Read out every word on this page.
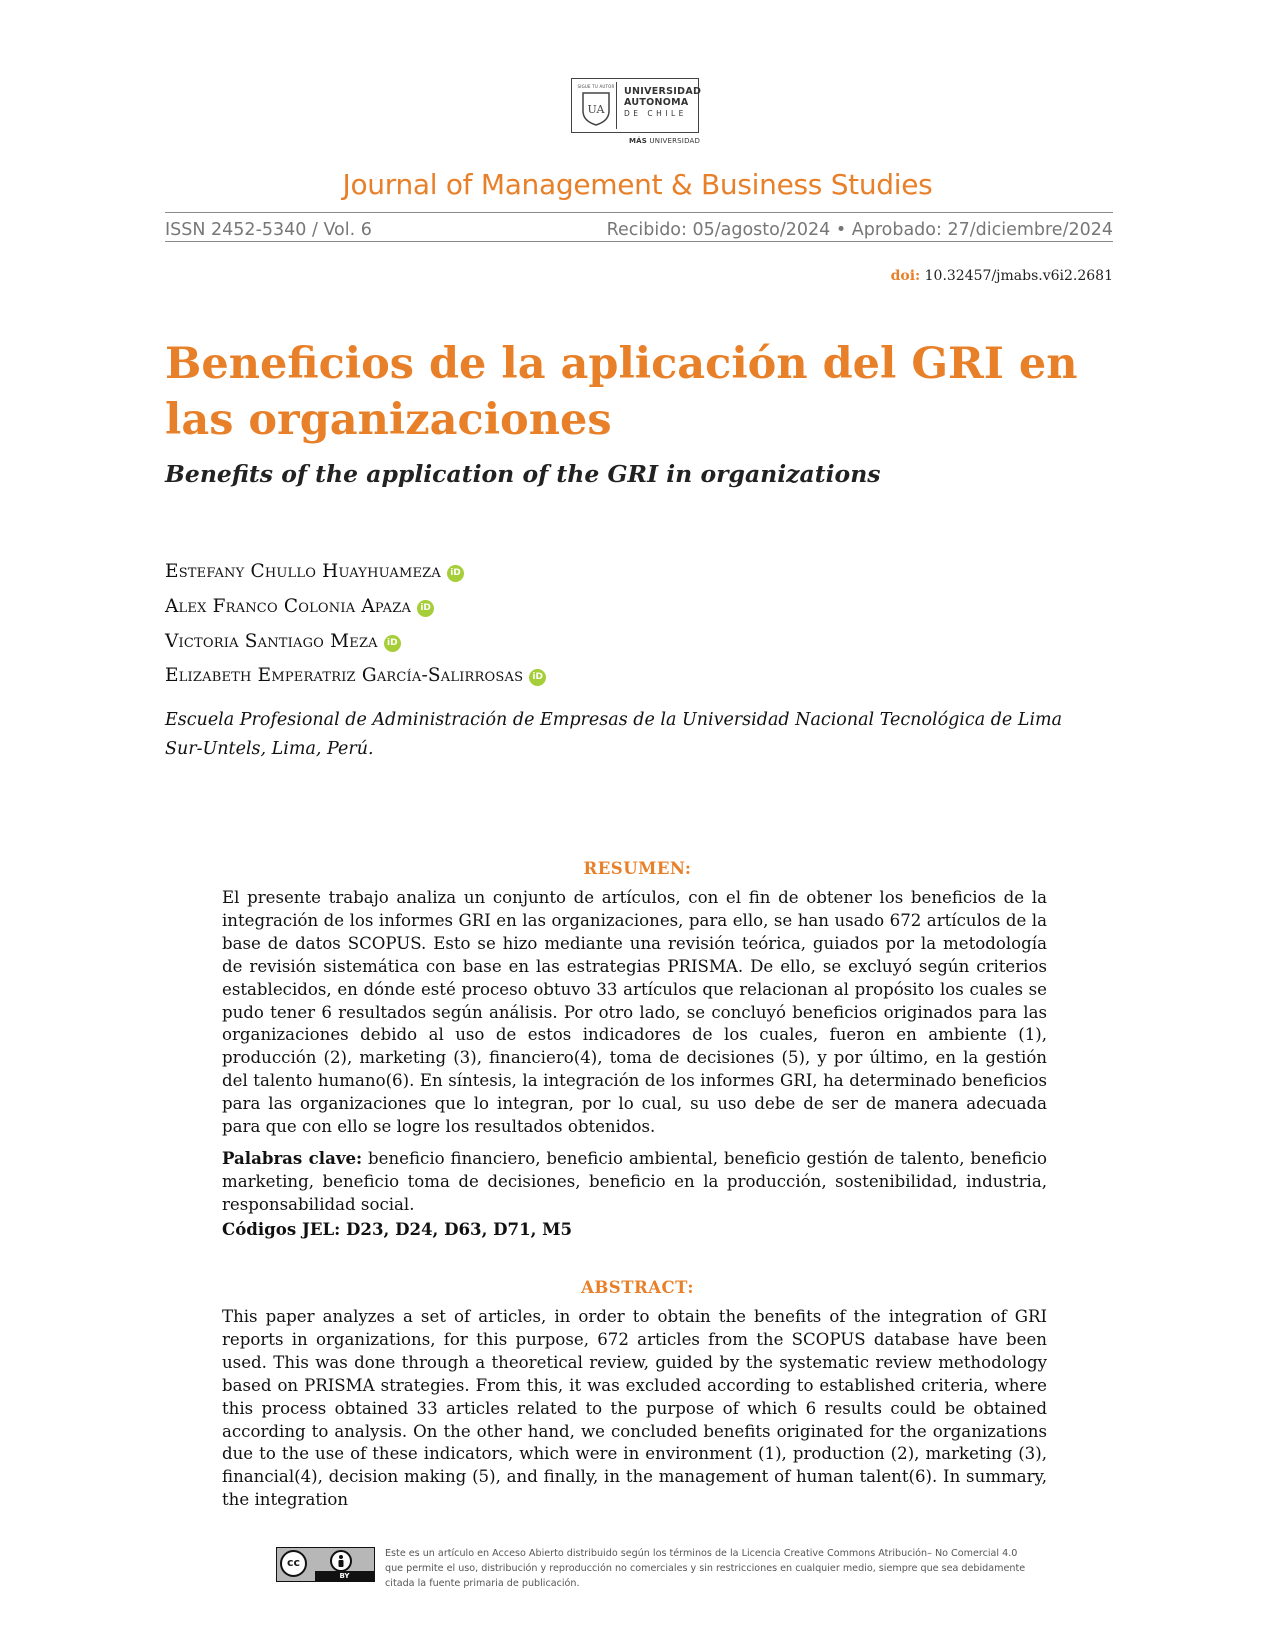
SIGUE TU AUTOR
UA
UNIVERSIDAD
AUTONOMA
DE CHILE
MÁS UNIVERSIDAD
Journal of Management & Business Studies
ISSN 2452-5340 / Vol. 6	Recibido: 05/agosto/2024 • Aprobado: 27/diciembre/2024
doi: 10.32457/jmabs.v6i2.2681
Beneficios de la aplicación del GRI en las organizaciones
Benefits of the application of the GRI in organizations
Estefany Chullo Huayhuameza iD
Alex Franco Colonia Apaza iD
Victoria Santiago Meza iD
Elizabeth Emperatriz García-Salirrosas iD
Escuela Profesional de Administración de Empresas de la Universidad Nacional Tecnológica de Lima Sur-Untels, Lima, Perú.
RESUMEN:
El presente trabajo analiza un conjunto de artículos, con el fin de obtener los beneficios de la integración de los informes GRI en las organizaciones, para ello, se han usado 672 artículos de la base de datos SCOPUS. Esto se hizo mediante una revisión teórica, guiados por la metodología de revisión sistemática con base en las estrategias PRISMA. De ello, se excluyó según criterios establecidos, en dónde esté proceso obtuvo 33 artículos que relacionan al propósito los cuales se pudo tener 6 resultados según análisis. Por otro lado, se concluyó beneficios originados para las organizaciones debido al uso de estos indicadores de los cuales, fueron en ambiente (1), producción (2), marketing (3), financiero(4), toma de decisiones (5), y por último, en la gestión del talento humano(6). En síntesis, la integración de los informes GRI, ha determinado beneficios para las organizaciones que lo integran, por lo cual, su uso debe de ser de manera adecuada para que con ello se logre los resultados obtenidos.
Palabras clave: beneficio financiero, beneficio ambiental, beneficio gestión de talento, beneficio marketing, beneficio toma de decisiones, beneficio en la producción, sostenibilidad, industria, responsabilidad social.
Códigos JEL: D23, D24, D63, D71, M5
ABSTRACT:
This paper analyzes a set of articles, in order to obtain the benefits of the integration of GRI reports in organizations, for this purpose, 672 articles from the SCOPUS database have been used. This was done through a theoretical review, guided by the systematic review methodology based on PRISMA strategies. From this, it was excluded according to established criteria, where this process obtained 33 articles related to the purpose of which 6 results could be obtained according to analysis. On the other hand, we concluded benefits originated for the organizations due to the use of these indicators, which were in environment (1), production (2), marketing (3), financial(4), decision making (5), and finally, in the management of human talent(6). In summary, the integration
cc
BY
Este es un artículo en Acceso Abierto distribuido según los términos de la Licencia Creative Commons Atribución– No Comercial 4.0 que permite el uso, distribución y reproducción no comerciales y sin restricciones en cualquier medio, siempre que sea debidamente citada la fuente primaria de publicación.
